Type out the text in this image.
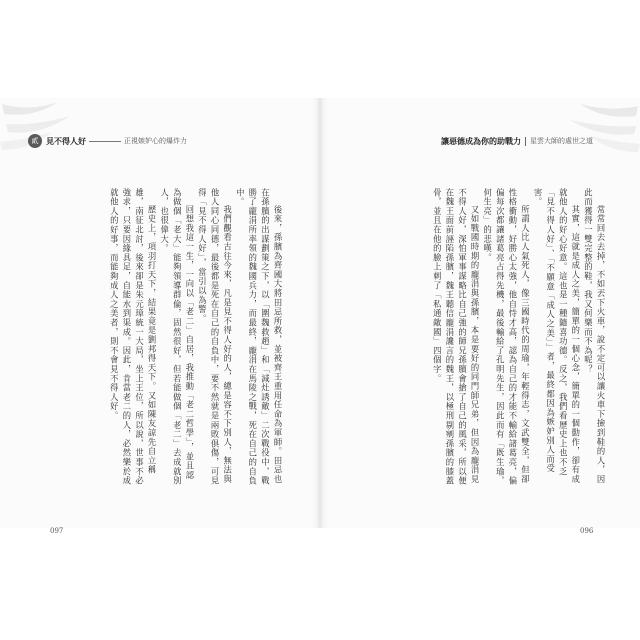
貳 見不得人好	正視嫉妒心的爆炸力	讓惡德成為你的助戰力 星雲大師的處世之道

常常回去去掉，不如丟下火車，說不定可以讓火車下撿到鞋的人，因此而獲得一雙完整的鞋，我又何樂而不為呢？

其實，這就是成人之美，簡單的一個心念，簡單的一個動作，卻有成就他人的好心好意。這也是一種隨喜功德。反之，我們看歷史上也不乏「見不得人好」、「不願意「成人之美」」者，最終都因為嫉妒別人而受害。

所謂人比人氣死人，像三國時代的周瑜，年輕得志，文武雙全，但卻性格衝動，好勝心太強，他自恃才高，認為自己的才能不輸給諸葛亮，偏偏每次都讓諸葛亮占得先機，最後輸給了孔明先生，因此而有「既生瑜，何生亮」的悲嘆。

又如戰國時期的龐涓與孫臏，本是要好的同門師兄弟，但因為龐涓見不得人好，深怕軍事謀略比自己強的師兄孫臏會搶了自己的風采，所以便在魏王面前誣陷孫臏，魏王聽信龐涓讒言的魏王，以極刑剔剜孫臏的膝蓋骨，並且在他的臉上刺了「私通敵國」四個字。

後來，孫臏為齊國大將田忌所救，並被齊王重用任命為軍師。田忌也在孫臏的出謀劃策之下，以「圍魏救趙」和「減灶誘敵」二次戰役中，戰勝了龐涓所率領的魏國兵力，而最終，龐涓在馬陵之戰，死在自己的自負中。

我們觀看古往今來，凡是見不得人好的人，總是容不下別人，無法與他人同心同德，最後都是死在自己的自負中，要不然就是兩敗俱傷，可見得「見不得人好」，當引以為警。

回想我這一生，一向以「老二」自居，我推動「老二哲學」，並且認為做個「老大」能夠領導群倫，固然很好，但若能做個「老二」去成就別人，也很偉大。

歷史上，項羽打天下，結果竟是劉邦得天下。又如陳友諒先自立稱雄，南征北討，後來卻是朱元璋統一大局，坐上王位，所以說，世事不必強求，只要因緣具足，自能水到渠成。因此，肯當老二的人，必然樂於成就他人的好事，而能夠成人之美者，則不會見不得人好。

097	096
